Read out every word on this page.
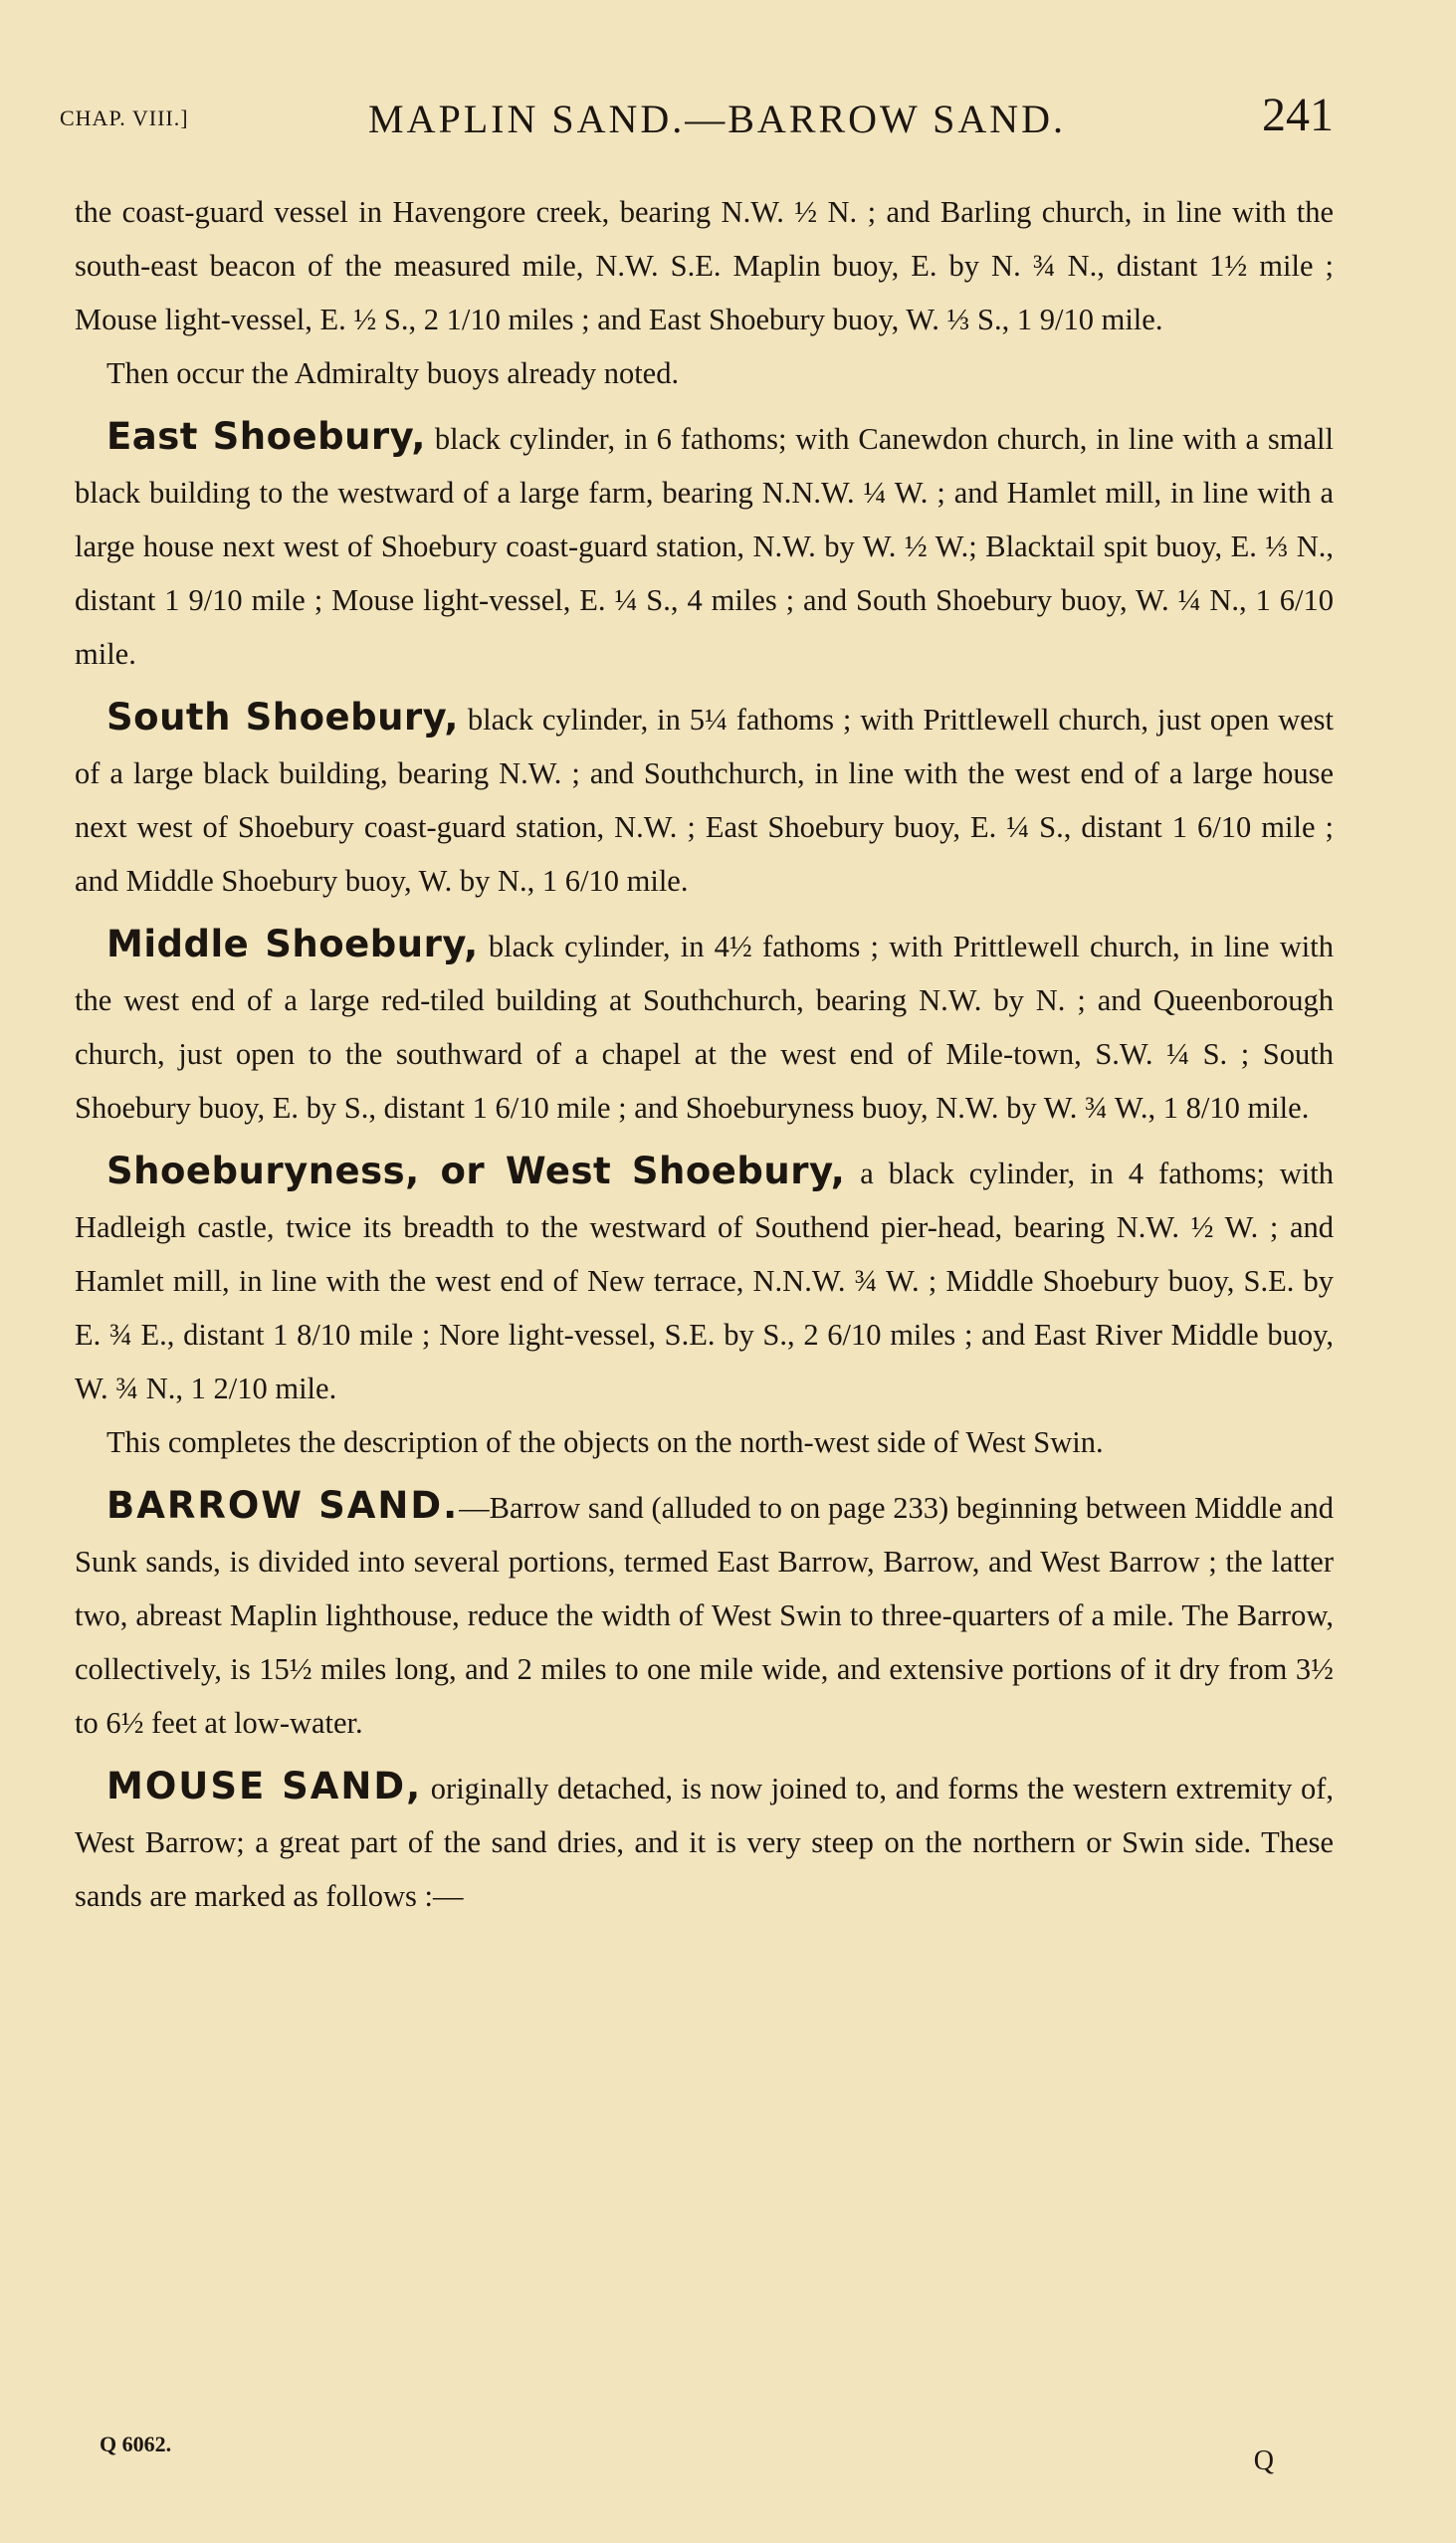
CHAP. VIII.]	MAPLIN SAND.—BARROW SAND.	241

the coast-guard vessel in Havengore creek, bearing N.W. ½ N. ; and Barling church, in line with the south-east beacon of the measured mile, N.W. S.E. Maplin buoy, E. by N. ¾ N., distant 1½ mile ; Mouse light-vessel, E. ½ S., 2 1/10 miles ; and East Shoebury buoy, W. ⅓ S., 1 9/10 mile.

Then occur the Admiralty buoys already noted.

East Shoebury, black cylinder, in 6 fathoms; with Canewdon church, in line with a small black building to the westward of a large farm, bearing N.N.W. ¼ W. ; and Hamlet mill, in line with a large house next west of Shoebury coast-guard station, N.W. by W. ½ W.; Blacktail spit buoy, E. ⅓ N., distant 1 9/10 mile ; Mouse light-vessel, E. ¼ S., 4 miles ; and South Shoebury buoy, W. ¼ N., 1 6/10 mile.

South Shoebury, black cylinder, in 5¼ fathoms ; with Prittlewell church, just open west of a large black building, bearing N.W. ; and Southchurch, in line with the west end of a large house next west of Shoebury coast-guard station, N.W. ; East Shoebury buoy, E. ¼ S., distant 1 6/10 mile ; and Middle Shoebury buoy, W. by N., 1 6/10 mile.

Middle Shoebury, black cylinder, in 4½ fathoms ; with Prittlewell church, in line with the west end of a large red-tiled building at Southchurch, bearing N.W. by N. ; and Queenborough church, just open to the southward of a chapel at the west end of Mile-town, S.W. ¼ S. ; South Shoebury buoy, E. by S., distant 1 6/10 mile ; and Shoeburyness buoy, N.W. by W. ¾ W., 1 8/10 mile.

Shoeburyness, or West Shoebury, a black cylinder, in 4 fathoms; with Hadleigh castle, twice its breadth to the westward of Southend pier-head, bearing N.W. ½ W. ; and Hamlet mill, in line with the west end of New terrace, N.N.W. ¾ W. ; Middle Shoebury buoy, S.E. by E. ¾ E., distant 1 8/10 mile ; Nore light-vessel, S.E. by S., 2 6/10 miles ; and East River Middle buoy, W. ¾ N., 1 2/10 mile.

This completes the description of the objects on the north-west side of West Swin.

BARROW SAND.—Barrow sand (alluded to on page 233) beginning between Middle and Sunk sands, is divided into several portions, termed East Barrow, Barrow, and West Barrow ; the latter two, abreast Maplin lighthouse, reduce the width of West Swin to three-quarters of a mile. The Barrow, collectively, is 15½ miles long, and 2 miles to one mile wide, and extensive portions of it dry from 3½ to 6½ feet at low-water.

MOUSE SAND, originally detached, is now joined to, and forms the western extremity of, West Barrow; a great part of the sand dries, and it is very steep on the northern or Swin side. These sands are marked as follows :—

Q 6062.
Q
